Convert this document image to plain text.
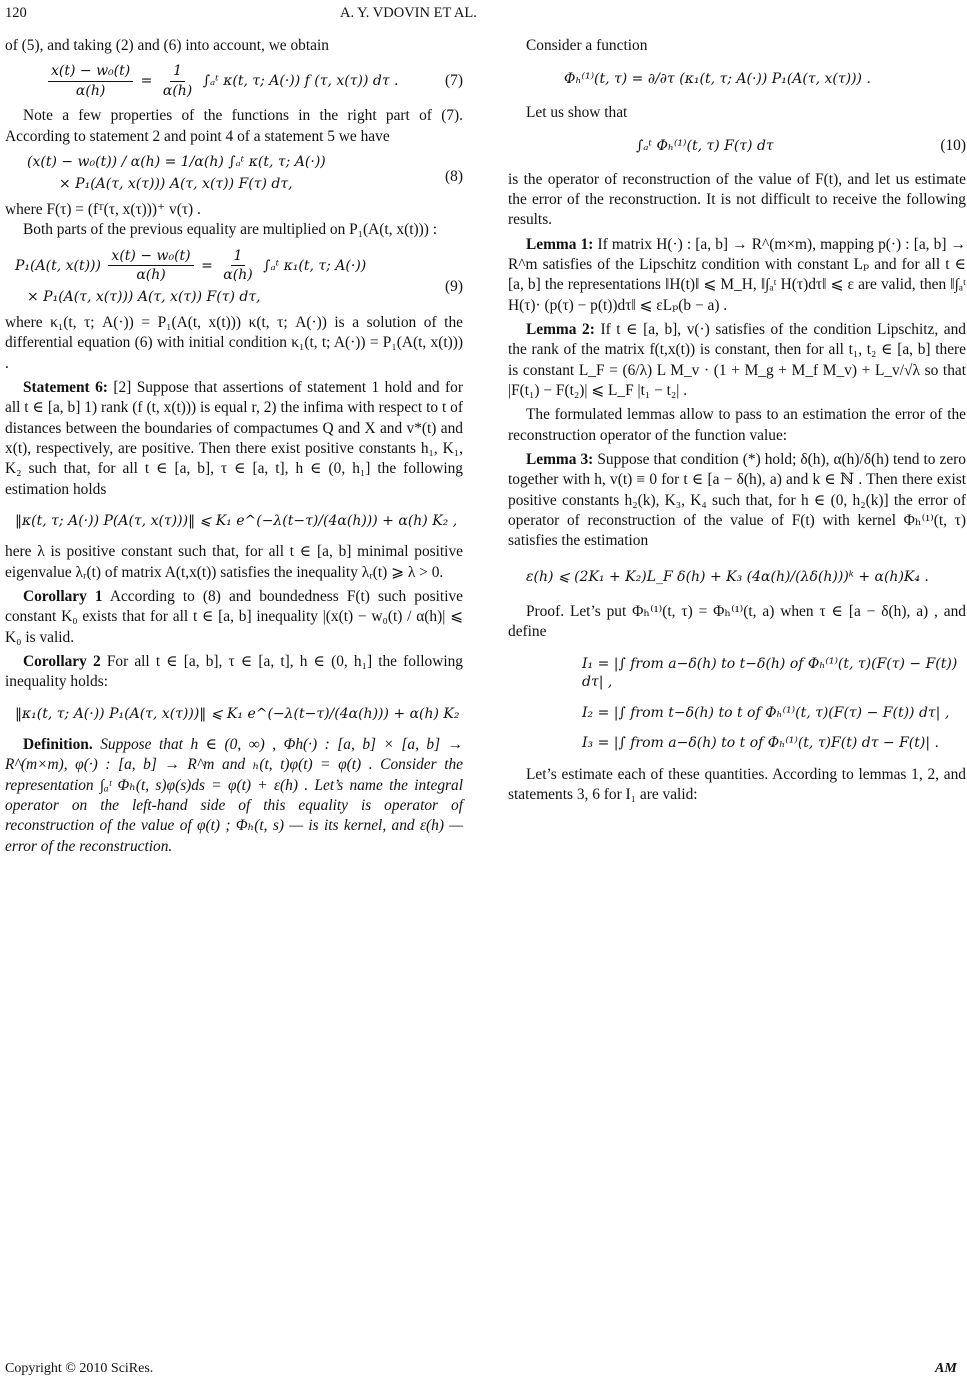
120	A. Y. VDOVIN ET AL.

of (5), and taking (2) and (6) into account, we obtain

$\frac{\text{x(t) − w₀(t)}}{\alpha(h)} = \frac{1}{\alpha(h)}$ ∫ₐᵗ κ(t, τ; A(·)) f (τ, x(τ)) dτ .	(7)

Note a few properties of the functions in the right part of (7). According to statement 2 and point 4 of a statement 5 we have

(x(t) − w₀(t)) / α(h) = 1/α(h) ∫ₐᵗ κ(t, τ; A(·))
× P₁(A(τ, x(τ))) A(τ, x(τ)) F(τ) dτ,	(8)

where F(τ) = (fᵀ(τ, x(τ)))⁺ v(τ) .

Both parts of the previous equality are multiplied on P₁(A(t, x(t))) :

P₁(A(t, $x(t))) \frac{\text{x(t) − w₀(t)}}{\alpha(h)} = \frac{1}{\alpha(h)}$ ∫ₐᵗ κ₁(t, τ; A(·))
× P₁(A(τ, x(τ))) A(τ, x(τ)) F(τ) dτ,
(9)

where κ₁(t, τ; A(·)) = P₁(A(t, x(t))) κ(t, τ; A(·)) is a solution of the differential equation (6) with initial condition κ₁(t, t; A(·)) = P₁(A(t, x(t))) .

Statement 6: [2] Suppose that assertions of statement 1 hold and for all t ∈ [a, b] 1) rank (f (t, x(t))) is equal r, 2) the infima with respect to t of distances between the boundaries of compactumes Q and X and v*(t) and x(t), respectively, are positive. Then there exist positive constants h₁, K₁, K₂ such that, for all t ∈ [a, b], τ ∈ [a, t], h ∈ (0, h₁] the following estimation holds

‖κ(t, τ; A(·)) P(A(τ, x(τ)))‖ ⩽ K₁ e^(−λ(t−τ)/(4α(h))) + α(h) K₂ ,

here λ is positive constant such that, for all t ∈ [a, b] minimal positive eigenvalue λᵣ(t) of matrix A(t,x(t)) satisfies the inequality λᵣ(t) ⩾ λ > 0.

Corollary 1 According to (8) and boundedness F(t) such positive constant K₀ exists that for all t ∈ [a, b] inequality |(x(t) − w₀(t) / α(h)| ⩽ K₀ is valid.

Corollary 2 For all t ∈ [a, b], τ ∈ [a, t], h ∈ (0, h₁] the following inequality holds:

‖κ₁(t, τ; A(·)) P₁(A(τ, x(τ)))‖ ⩽ K₁ e^(−λ(t−τ)/(4α(h))) + α(h) K₂

Definition. Suppose that h ∈ (0, ∞) , Φh(·) : [a, b] × [a, b] → R^(m×m), φ(·) : [a, b] → R^m and ₕ(t, t)φ(t) = φ(t) . Consider the representation ∫ₐᵗ Φₕ(t, s)φ(s)ds = φ(t) + ε(h) . Let’s name the integral operator on the left-hand side of this equality is operator of reconstruction of the value of φ(t) ; Φₕ(t, s) — is its kernel, and ε(h) — error of the reconstruction.

Consider a function

Φₕ⁽¹⁾(t, τ) = ∂/∂τ (κ₁(t, τ; A(·)) P₁(A(τ, x(τ))) .

Let us show that

∫ₐᵗ Φₕ⁽¹⁾(t, τ) F(τ) dτ	(10)

is the operator of reconstruction of the value of F(t), and let us estimate the error of the reconstruction. It is not difficult to receive the following results.

Lemma 1: If matrix H(·) : [a, b] → R^(m×m), mapping p(·) : [a, b] → R^m satisfies of the Lipschitz condition with constant Lₚ and for all t ∈ [a, b] the representations ‖H(t)‖ ⩽ M_H, ‖∫ₐᵗ H(τ)dτ‖ ⩽ ε are valid, then ‖∫ₐᵗ H(τ)· (p(τ) − p(t))dτ‖ ⩽ εLₚ(b − a) .

Lemma 2: If t ∈ [a, b], v(·) satisfies of the condition Lipschitz, and the rank of the matrix f(t,x(t)) is constant, then for all t₁, t₂ ∈ [a, b] there is constant L_F = (6/λ) L M_v · (1 + M_g + M_f M_v) + L_v/√λ so that |F(t₁) − F(t₂)| ⩽ L_F |t₁ − t₂| .

The formulated lemmas allow to pass to an estimation the error of the reconstruction operator of the function value:

Lemma 3: Suppose that condition (*) hold; δ(h), α(h)/δ(h) tend to zero together with h, v(t) ≡ 0 for t ∈ [a − δ(h), a) and k ∈ ℕ . Then there exist positive constants h₂(k), K₃, K₄ such that, for h ∈ (0, h₂(k)] the error of operator of reconstruction of the value of F(t) with kernel Φₕ⁽¹⁾(t, τ) satisfies the estimation

ε(h) ⩽ (2K₁ + K₂)L_F δ(h) + K₃ (4α(h)/(λδ(h)))ᵏ + α(h)K₄ .

Proof. Let’s put Φₕ⁽¹⁾(t, τ) = Φₕ⁽¹⁾(t, a) when τ ∈ [a − δ(h), a) , and define

I₁ = |∫ from a−δ(h) to t−δ(h) of Φₕ⁽¹⁾(t, τ)(F(τ) − F(t)) dτ| ,
I₂ = |∫ from t−δ(h) to t of Φₕ⁽¹⁾(t, τ)(F(τ) − F(t)) dτ| ,
I₃ = |∫ from a−δ(h) to t of Φₕ⁽¹⁾(t, τ)F(t) dτ − F(t)| .

Let’s estimate each of these quantities. According to lemmas 1, 2, and statements 3, 6 for I₁ are valid:

Copyright © 2010 SciRes.	AM
